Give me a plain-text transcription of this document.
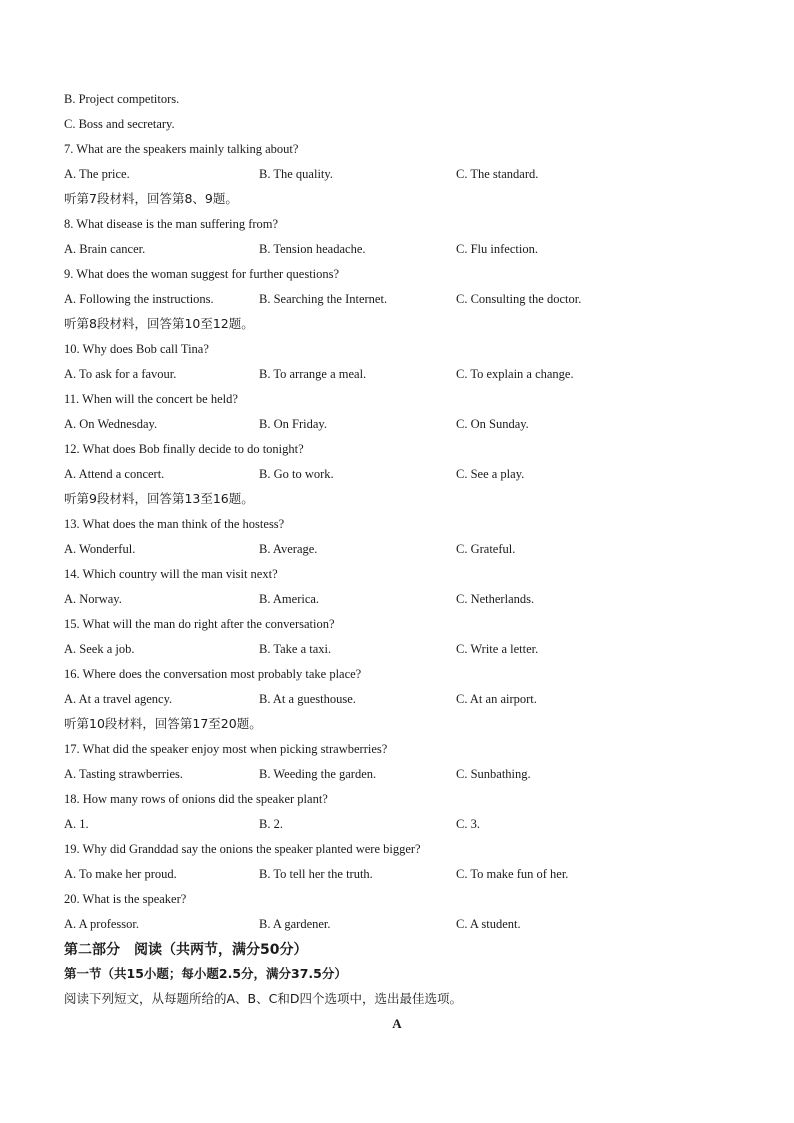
B. Project competitors.
C. Boss and secretary.
7. What are the speakers mainly talking about?
A. The price.	B. The quality.	C. The standard.
听第7段材料，回答第8、9题。
8. What disease is the man suffering from?
A. Brain cancer.	B. Tension headache.	C. Flu infection.
9. What does the woman suggest for further questions?
A. Following the instructions.	B. Searching the Internet.	C. Consulting the doctor.
听第8段材料，回答第10至12题。
10. Why does Bob call Tina?
A. To ask for a favour.	B. To arrange a meal.	C. To explain a change.
11. When will the concert be held?
A. On Wednesday.	B. On Friday.	C. On Sunday.
12. What does Bob finally decide to do tonight?
A. Attend a concert.	B. Go to work.	C. See a play.
听第9段材料，回答第13至16题。
13. What does the man think of the hostess?
A. Wonderful.	B. Average.	C. Grateful.
14. Which country will the man visit next?
A. Norway.	B. America.	C. Netherlands.
15. What will the man do right after the conversation?
A. Seek a job.	B. Take a taxi.	C. Write a letter.
16. Where does the conversation most probably take place?
A. At a travel agency.	B. At a guesthouse.	C. At an airport.
听第10段材料，回答第17至20题。
17. What did the speaker enjoy most when picking strawberries?
A. Tasting strawberries.	B. Weeding the garden.	C. Sunbathing.
18. How many rows of onions did the speaker plant?
A. 1.	B. 2.	C. 3.
19. Why did Granddad say the onions the speaker planted were bigger?
A. To make her proud.	B. To tell her the truth.	C. To make fun of her.
20. What is the speaker?
A. A professor.	B. A gardener.	C. A student.
第二部分　阅读（共两节，满分50分）
第一节（共15小题；每小题2.5分，满分37.5分）
阅读下列短文，从每题所给的A、B、C和D四个选项中，选出最佳选项。
A
